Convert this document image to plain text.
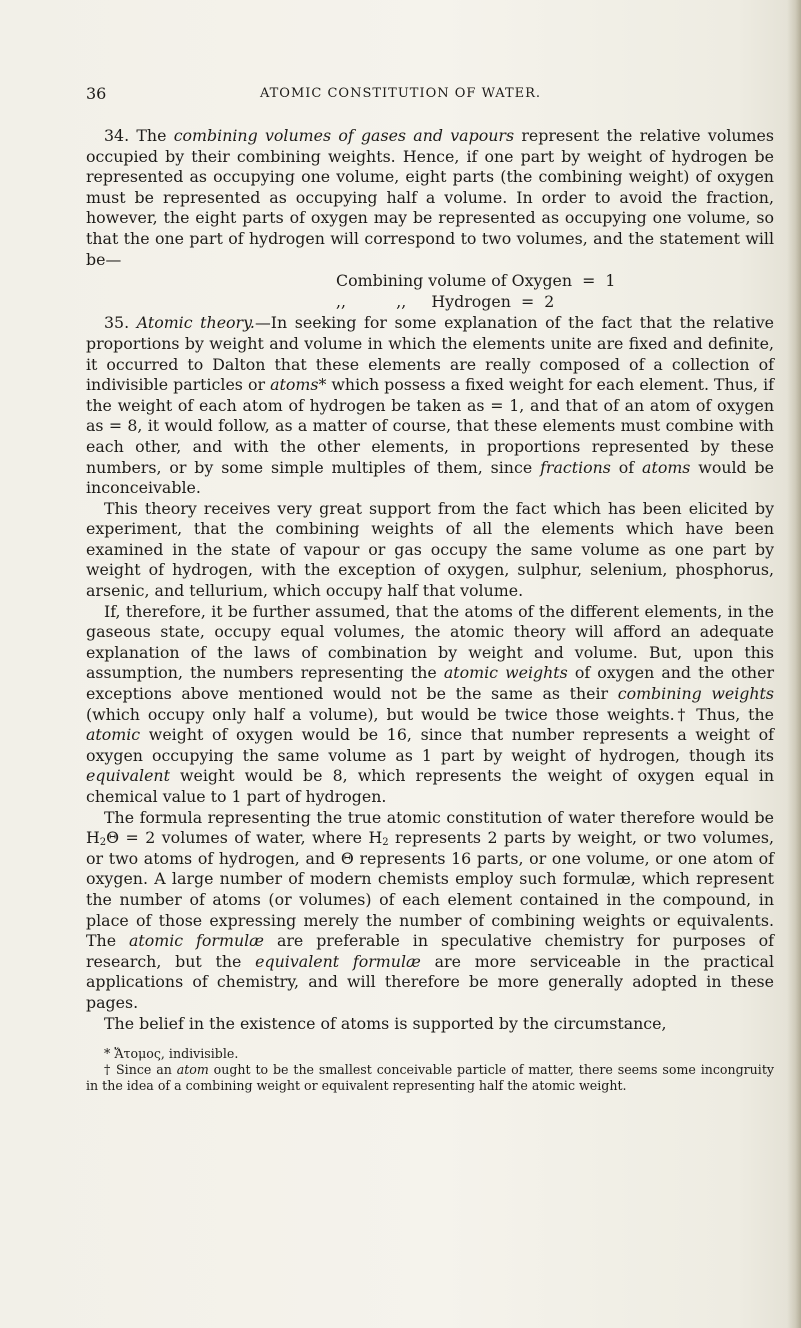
36	ATOMIC CONSTITUTION OF WATER.

34. The combining volumes of gases and vapours represent the relative volumes occupied by their combining weights. Hence, if one part by weight of hydrogen be represented as occupying one volume, eight parts (the combining weight) of oxygen must be represented as occupying half a volume. In order to avoid the fraction, however, the eight parts of oxygen may be represented as occupying one volume, so that the one part of hydrogen will correspond to two volumes, and the statement will be—

Combining volume of Oxygen  =  1
,,          ,,     Hydrogen  =  2

35. Atomic theory.—In seeking for some explanation of the fact that the relative proportions by weight and volume in which the elements unite are fixed and definite, it occurred to Dalton that these elements are really composed of a collection of indivisible particles or atoms* which possess a fixed weight for each element. Thus, if the weight of each atom of hydrogen be taken as = 1, and that of an atom of oxygen as = 8, it would follow, as a matter of course, that these elements must combine with each other, and with the other elements, in proportions represented by these numbers, or by some simple multiples of them, since fractions of atoms would be inconceivable.

This theory receives very great support from the fact which has been elicited by experiment, that the combining weights of all the elements which have been examined in the state of vapour or gas occupy the same volume as one part by weight of hydrogen, with the exception of oxygen, sulphur, selenium, phosphorus, arsenic, and tellurium, which occupy half that volume.

If, therefore, it be further assumed, that the atoms of the different elements, in the gaseous state, occupy equal volumes, the atomic theory will afford an adequate explanation of the laws of combination by weight and volume. But, upon this assumption, the numbers representing the atomic weights of oxygen and the other exceptions above mentioned would not be the same as their combining weights (which occupy only half a volume), but would be twice those weights.† Thus, the atomic weight of oxygen would be 16, since that number represents a weight of oxygen occupying the same volume as 1 part by weight of hydrogen, though its equivalent weight would be 8, which represents the weight of oxygen equal in chemical value to 1 part of hydrogen.

The formula representing the true atomic constitution of water therefore would be $H_2\Theta = 2$ volumes of water, where $H_2$ represents 2 parts by weight, or two volumes, or two atoms of hydrogen, and Θ represents 16 parts, or one volume, or one atom of oxygen. A large number of modern chemists employ such formulæ, which represent the number of atoms (or volumes) of each element contained in the compound, in place of those expressing merely the number of combining weights or equivalents. The atomic formulæ are preferable in speculative chemistry for purposes of research, but the equivalent formulæ are more serviceable in the practical applications of chemistry, and will therefore be more generally adopted in these pages.

The belief in the existence of atoms is supported by the circumstance,

* Ἄτομος, indivisible.

† Since an atom ought to be the smallest conceivable particle of matter, there seems some incongruity in the idea of a combining weight or equivalent representing half the atomic weight.
